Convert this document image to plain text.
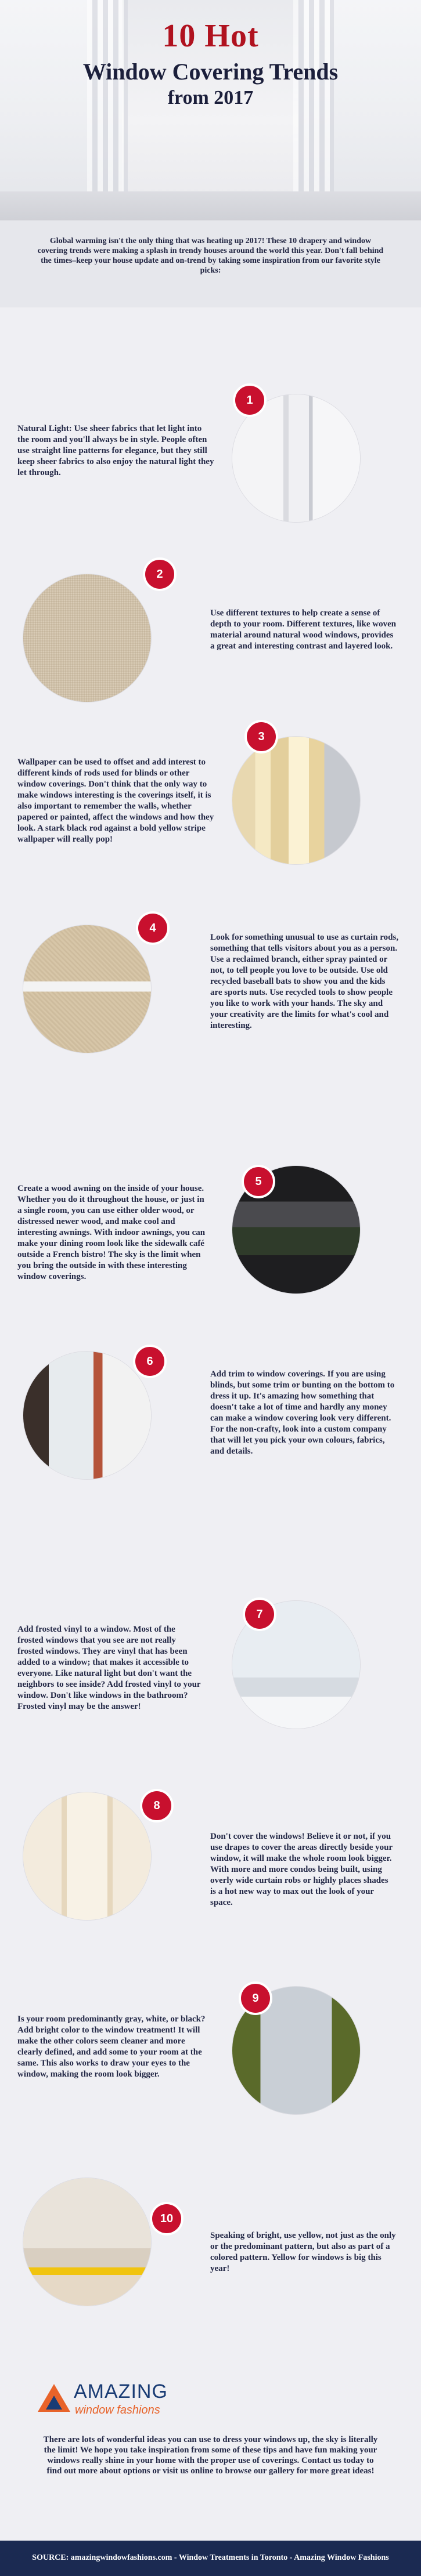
10 Hot
Window Covering Trends
from 2017

Global warming isn't the only thing that was heating up 2017! These 10 drapery and window covering trends were making a splash in trendy houses around the world this year. Don't fall behind the times–keep your house update and on-trend by taking some inspiration from our favorite style picks:

Natural Light: Use sheer fabrics that let light into the room and you'll always be in style. People often use straight line patterns for elegance, but they still keep sheer fabrics to also enjoy the natural light they let through.

1
2

Use different textures to help create a sense of depth to your room. Different textures, like woven material around natural wood windows, provides a great and interesting contrast and layered look.

Wallpaper can be used to offset and add interest to different kinds of rods used for blinds or other window coverings. Don't think that the only way to make windows interesting is the coverings itself, it is also important to remember the walls, whether papered or painted, affect the windows and how they look. A stark black rod against a bold yellow stripe wallpaper will really pop!

3
4

Look for something unusual to use as curtain rods, something that tells visitors about you as a person. Use a reclaimed branch, either spray painted or not, to tell people you love to be outside. Use old recycled baseball bats to show you and the kids are sports nuts. Use recycled tools to show people you like to work with your hands. The sky and your creativity are the limits for what's cool and interesting.

Create a wood awning on the inside of your house. Whether you do it throughout the house, or just in a single room, you can use either older wood, or distressed newer wood, and make cool and interesting awnings. With indoor awnings, you can make your dining room look like the sidewalk café outside a French bistro! The sky is the limit when you bring the outside in with these interesting window coverings.

5
6

Add trim to window coverings. If you are using blinds, but some trim or bunting on the bottom to dress it up. It's amazing how something that doesn't take a lot of time and hardly any money can make a window covering look very different. For the non-crafty, look into a custom company that will let you pick your own colours, fabrics, and details.

Add frosted vinyl to a window. Most of the frosted windows that you see are not really frosted windows. They are vinyl that has been added to a window; that makes it accessible to everyone. Like natural light but don't want the neighbors to see inside? Add frosted vinyl to your window. Don't like windows in the bathroom? Frosted vinyl may be the answer!

7
8

Don't cover the windows! Believe it or not, if you use drapes to cover the areas directly beside your window, it will make the whole room look bigger. With more and more condos being built, using overly wide curtain robs or highly places shades is a hot new way to max out the look of your space.

Is your room predominantly gray, white, or black? Add bright color to the window treatment! It will make the other colors seem cleaner and more clearly defined, and add some to your room at the same. This also works to draw your eyes to the window, making the room look bigger.

9
10

Speaking of bright, use yellow, not just as the only or the predominant pattern, but also as part of a colored pattern. Yellow for windows is big this year!

AMAZING
window fashions

There are lots of wonderful ideas you can use to dress your windows up, the sky is literally the limit! We hope you take inspiration from some of these tips and have fun making your windows really shine in your home with the proper use of coverings. Contact us today to find out more about options or visit us online to browse our gallery for more great ideas!

SOURCE: amazingwindowfashions.com - Window Treatments in Toronto - Amazing Window Fashions
